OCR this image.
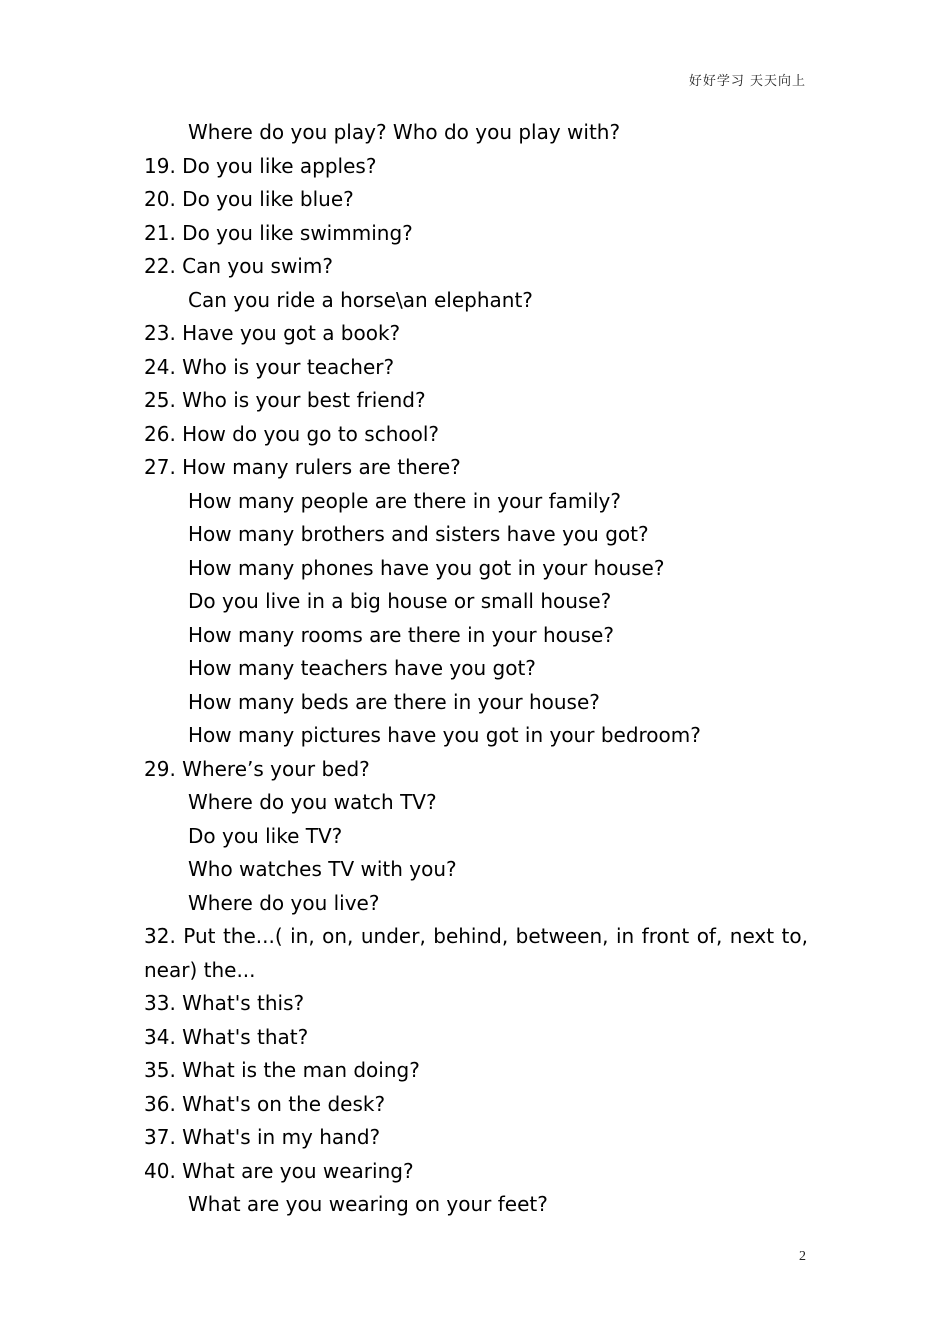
好好学习 天天向上
Where do you play? Who do you play with?
19. Do you like apples?
20. Do you like blue?
21. Do you like swimming?
22. Can you swim?
Can you ride a horse\an elephant?
23. Have you got a book?
24. Who is your teacher?
25. Who is your best friend?
26. How do you go to school?
27. How many rulers are there?
How many people are there in your family?
How many brothers and sisters have you got?
How many phones have you got in your house?
Do you live in a big house or small house?
How many rooms are there in your house?
How many teachers have you got?
How many beds are there in your house?
How many pictures have you got in your bedroom?
29. Where’s your bed?
Where do you watch TV?
Do you like TV?
Who watches TV with you?
Where do you live?
32. Put the...( in, on, under, behind, between, in front of, next to, near) the...
33. What's this?
34. What's that?
35. What is the man doing?
36. What's on the desk?
37. What's in my hand?
40. What are you wearing?
What are you wearing on your feet?
2
